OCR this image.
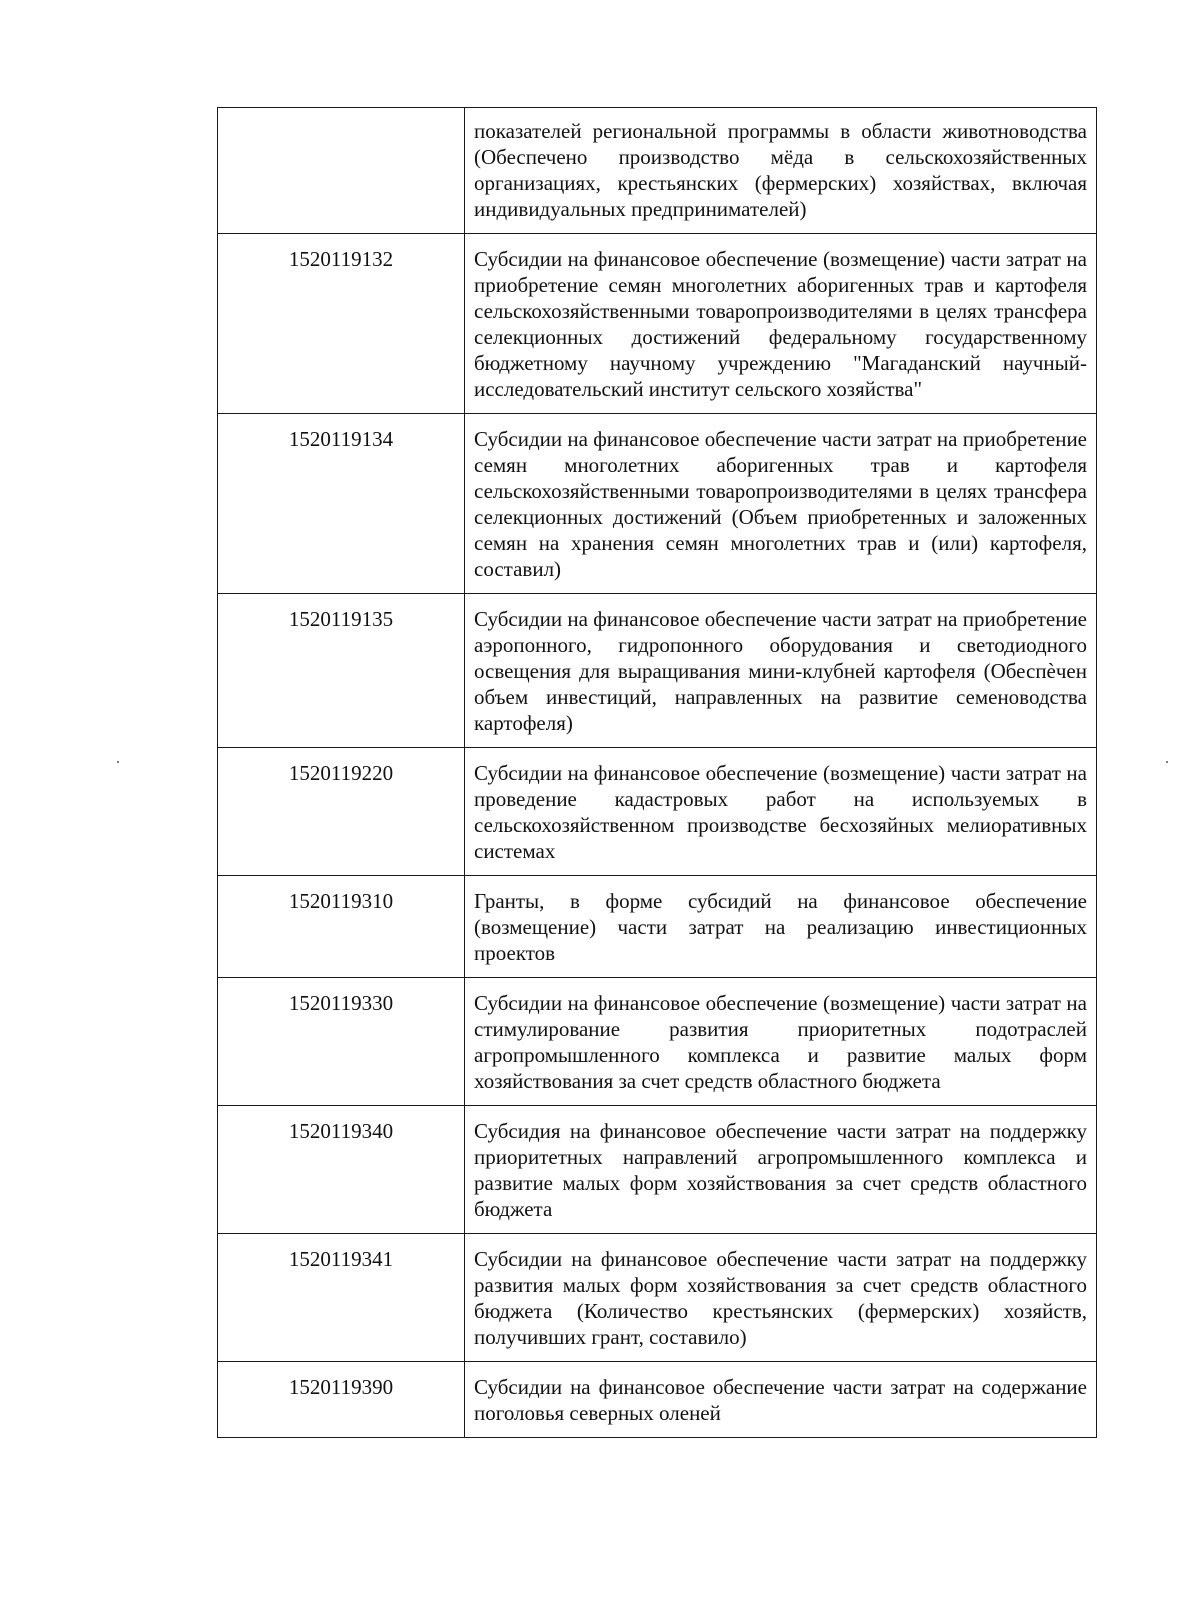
	показателей региональной программы в области животноводства (Обеспечено производство мёда в сельскохозяйственных организациях, крестьянских (фермерских) хозяйствах, включая индивидуальных предпринимателей)
1520119132	Субсидии на финансовое обеспечение (возмещение) части затрат на приобретение семян многолетних аборигенных трав и картофеля сельскохозяйственными товаропроизводителями в целях трансфера селекционных достижений федеральному государственному бюджетному научному учреждению "Магаданский научный-исследовательский институт сельского хозяйства"
1520119134	Субсидии на финансовое обеспечение части затрат на приобретение семян многолетних аборигенных трав и картофеля сельскохозяйственными товаропроизводителями в целях трансфера селекционных достижений (Объем приобретенных и заложенных семян на хранения семян многолетних трав и (или) картофеля, составил)
1520119135	Субсидии на финансовое обеспечение части затрат на приобретение аэропонного, гидропонного оборудования и светодиодного освещения для выращивания мини-клубней картофеля (Обеспѐчен объем инвестиций, направленных на развитие семеноводства картофеля)
1520119220	Субсидии на финансовое обеспечение (возмещение) части затрат на проведение кадастровых работ на используемых в сельскохозяйственном производстве бесхозяйных мелиоративных системах
1520119310	Гранты, в форме субсидий на финансовое обеспечение (возмещение) части затрат на реализацию инвестиционных проектов
1520119330	Субсидии на финансовое обеспечение (возмещение) части затрат на стимулирование развития приоритетных подотраслей агропромышленного комплекса и развитие малых форм хозяйствования за счет средств областного бюджета
1520119340	Субсидия на финансовое обеспечение части затрат на поддержку приоритетных направлений агропромышленного комплекса и развитие малых форм хозяйствования за счет средств областного бюджета
1520119341	Субсидии на финансовое обеспечение части затрат на поддержку развития малых форм хозяйствования за счет средств областного бюджета (Количество крестьянских (фермерских) хозяйств, получивших грант, составило)
1520119390	Субсидии на финансовое обеспечение части затрат на содержание поголовья северных оленей
